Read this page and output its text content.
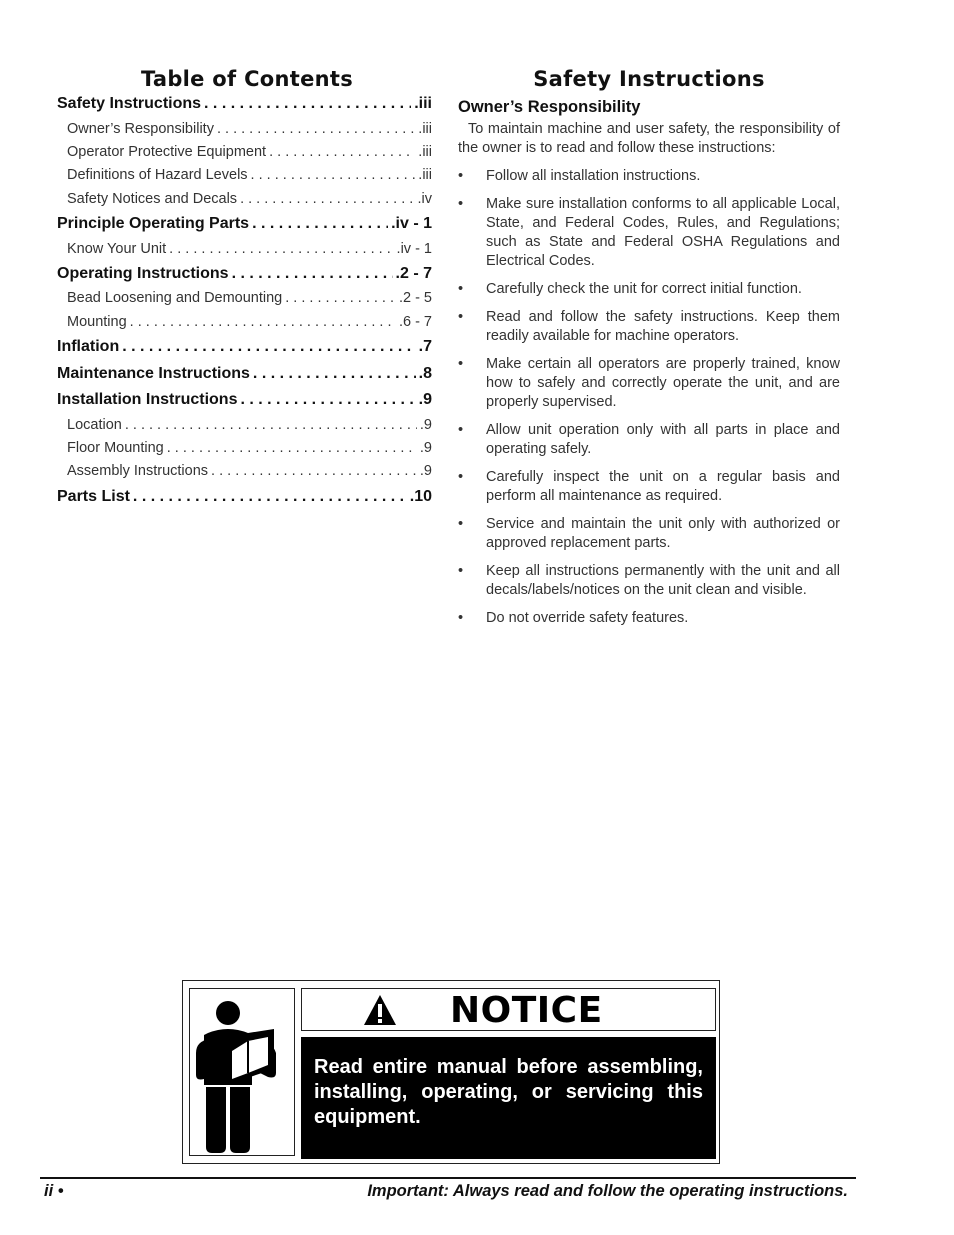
Table of Contents	Safety Instructions
Safety Instructions . . .	.iii
Owner’s Responsibility . . .	.iii
Operator Protective Equipment . . .	.iii
Definitions of Hazard Levels . . .	.iii
Safety Notices and Decals . . .	.iv
Principle Operating Parts . . .	.iv - 1
Know Your Unit . . .	.iv - 1
Operating Instructions . . .	.2 - 7
Bead Loosening and Demounting . . .	.2 - 5
Mounting . . .	.6 - 7
Inflation . . .	.7
Maintenance Instructions . . .	.8
Installation Instructions . . .	.9
Location . . .	.9
Floor Mounting . . .	.9
Assembly Instructions . . .	.9
Parts List . . .	.10
Owner’s Responsibility

To maintain machine and user safety, the responsibility of the owner is to read and follow these instructions:

• Follow all installation instructions.
• Make sure installation conforms to all applicable Local, State, and Federal Codes, Rules, and Regulations; such as State and Federal OSHA Regulations and Electrical Codes.
• Carefully check the unit for correct initial function.
• Read and follow the safety instructions. Keep them readily available for machine operators.
• Make certain all operators are properly trained, know how to safely and correctly operate the unit, and are properly supervised.
• Allow unit operation only with all parts in place and operating safely.
• Carefully inspect the unit on a regular basis and perform all maintenance as required.
• Service and maintain the unit only with authorized or approved replacement parts.
• Keep all instructions permanently with the unit and all decals/labels/notices on the unit clean and visible.
• Do not override safety features.
NOTICE
Read entire manual before assembling, installing, operating, or servicing this equipment.
ii •	Important: Always read and follow the operating instructions.
